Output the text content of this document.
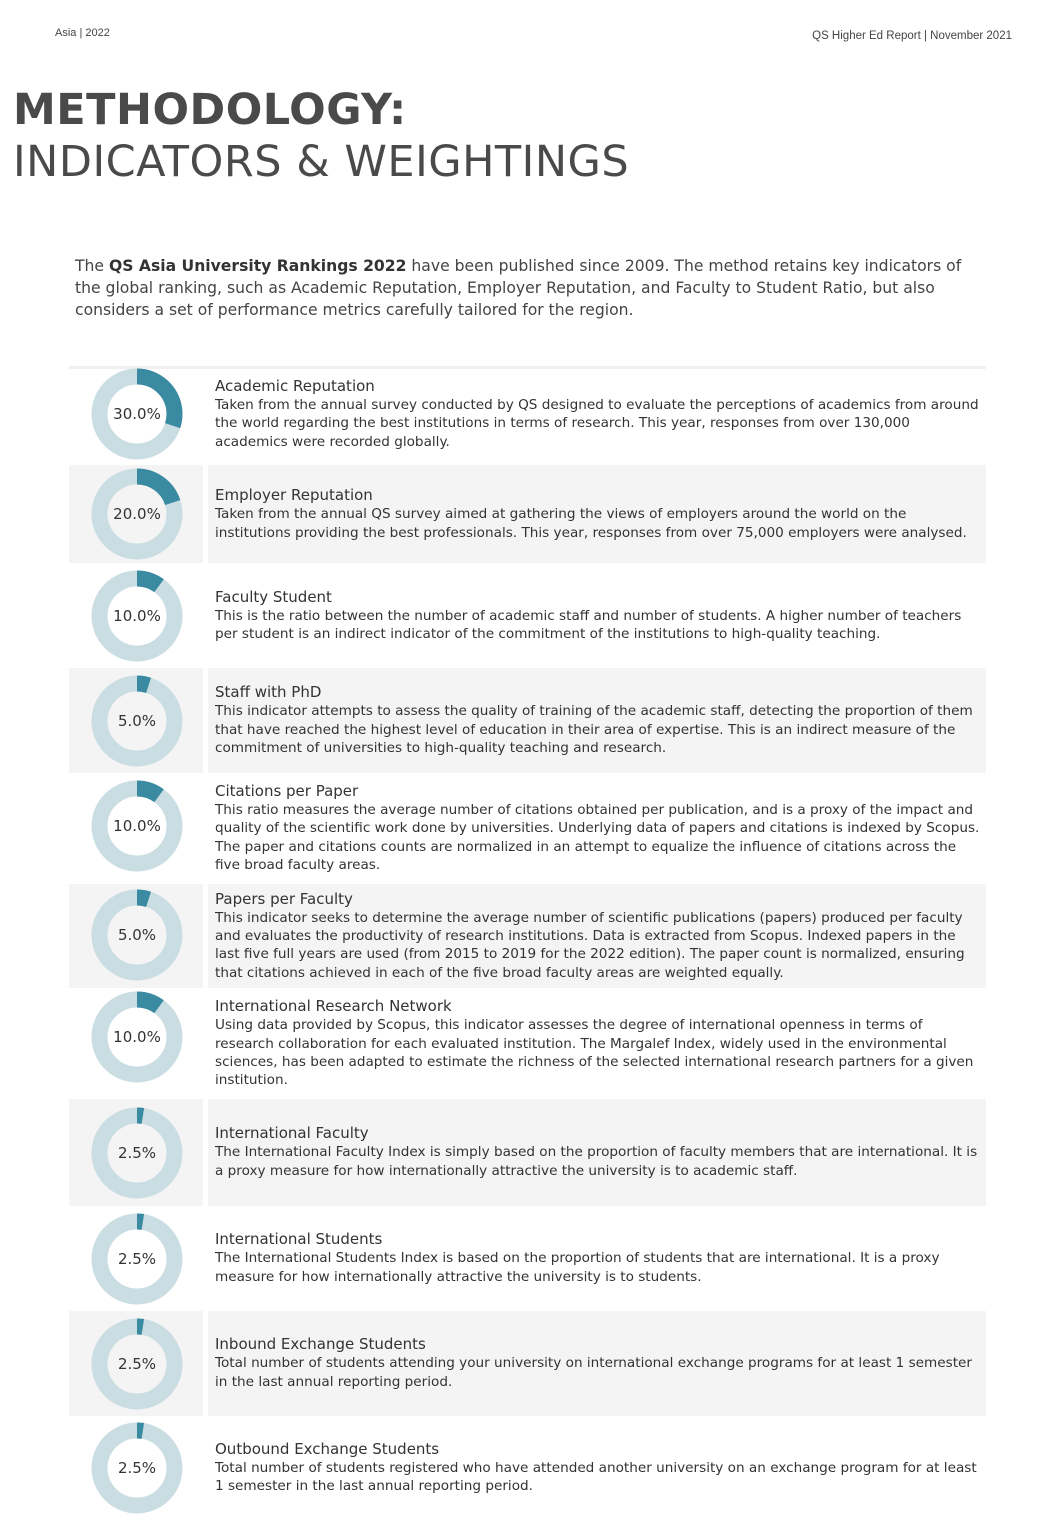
Asia | 2022	QS Higher Ed Report | November 2021
METHODOLOGY:
INDICATORS & WEIGHTINGS

The QS Asia University Rankings 2022 have been published since 2009. The method retains key indicators of the global ranking, such as Academic Reputation, Employer Reputation, and Faculty to Student Ratio, but also considers a set of performance metrics carefully tailored for the region.

30.0%
Academic Reputation
Taken from the annual survey conducted by QS designed to evaluate the perceptions of academics from around the world regarding the best institutions in terms of research. This year, responses from over 130,000 academics were recorded globally.
20.0%
Employer Reputation
Taken from the annual QS survey aimed at gathering the views of employers around the world on the institutions providing the best professionals. This year, responses from over 75,000 employers were analysed.
10.0%
Faculty Student
This is the ratio between the number of academic staff and number of students. A higher number of teachers per student is an indirect indicator of the commitment of the institutions to high-quality teaching.
5.0%
Staff with PhD
This indicator attempts to assess the quality of training of the academic staff, detecting the proportion of them that have reached the highest level of education in their area of expertise. This is an indirect measure of the commitment of universities to high-quality teaching and research.
10.0%
Citations per Paper
This ratio measures the average number of citations obtained per publication, and is a proxy of the impact and quality of the scientific work done by universities. Underlying data of papers and citations is indexed by Scopus. The paper and citations counts are normalized in an attempt to equalize the influence of citations across the five broad faculty areas.
5.0%
Papers per Faculty
This indicator seeks to determine the average number of scientific publications (papers) produced per faculty and evaluates the productivity of research institutions. Data is extracted from Scopus. Indexed papers in the last five full years are used (from 2015 to 2019 for the 2022 edition). The paper count is normalized, ensuring that citations achieved in each of the five broad faculty areas are weighted equally.
10.0%
International Research Network
Using data provided by Scopus, this indicator assesses the degree of international openness in terms of research collaboration for each evaluated institution. The Margalef Index, widely used in the environmental sciences, has been adapted to estimate the richness of the selected international research partners for a given institution.
2.5%
International Faculty
The International Faculty Index is simply based on the proportion of faculty members that are international. It is a proxy measure for how internationally attractive the university is to academic staff.
2.5%
International Students
The International Students Index is based on the proportion of students that are international. It is a proxy measure for how internationally attractive the university is to students.
2.5%
Inbound Exchange Students
Total number of students attending your university on international exchange programs for at least 1 semester in the last annual reporting period.
2.5%
Outbound Exchange Students
Total number of students registered who have attended another university on an exchange program for at least 1 semester in the last annual reporting period.
